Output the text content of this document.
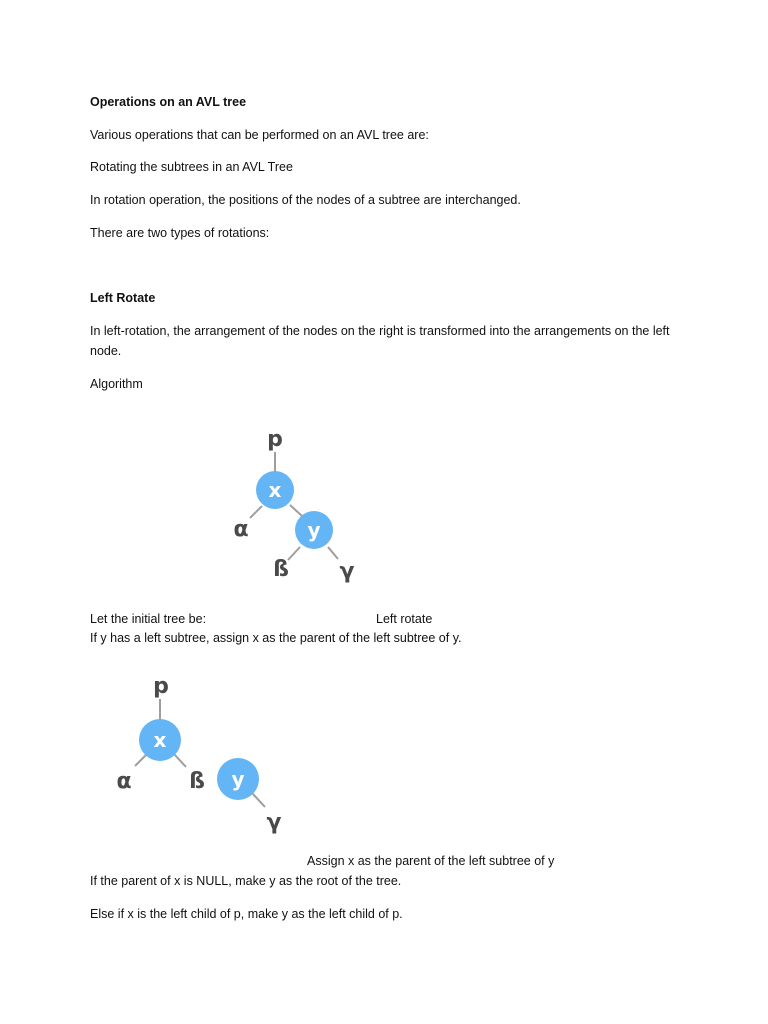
Operations on an AVL tree

Various operations that can be performed on an AVL tree are:

Rotating the subtrees in an AVL Tree

In rotation operation, the positions of the nodes of a subtree are interchanged.

There are two types of rotations:

Left Rotate

In left-rotation, the arrangement of the nodes on the right is transformed into the arrangements on the left node.

Algorithm

p
x
y
α
ß γ

Let the initial tree be:	Left rotate

If y has a left subtree, assign x as the parent of the left subtree of y.

p
x
y
α	ß
γ

Assign x as the parent of the left subtree of y

If the parent of x is NULL, make y as the root of the tree.

Else if x is the left child of p, make y as the left child of p.
